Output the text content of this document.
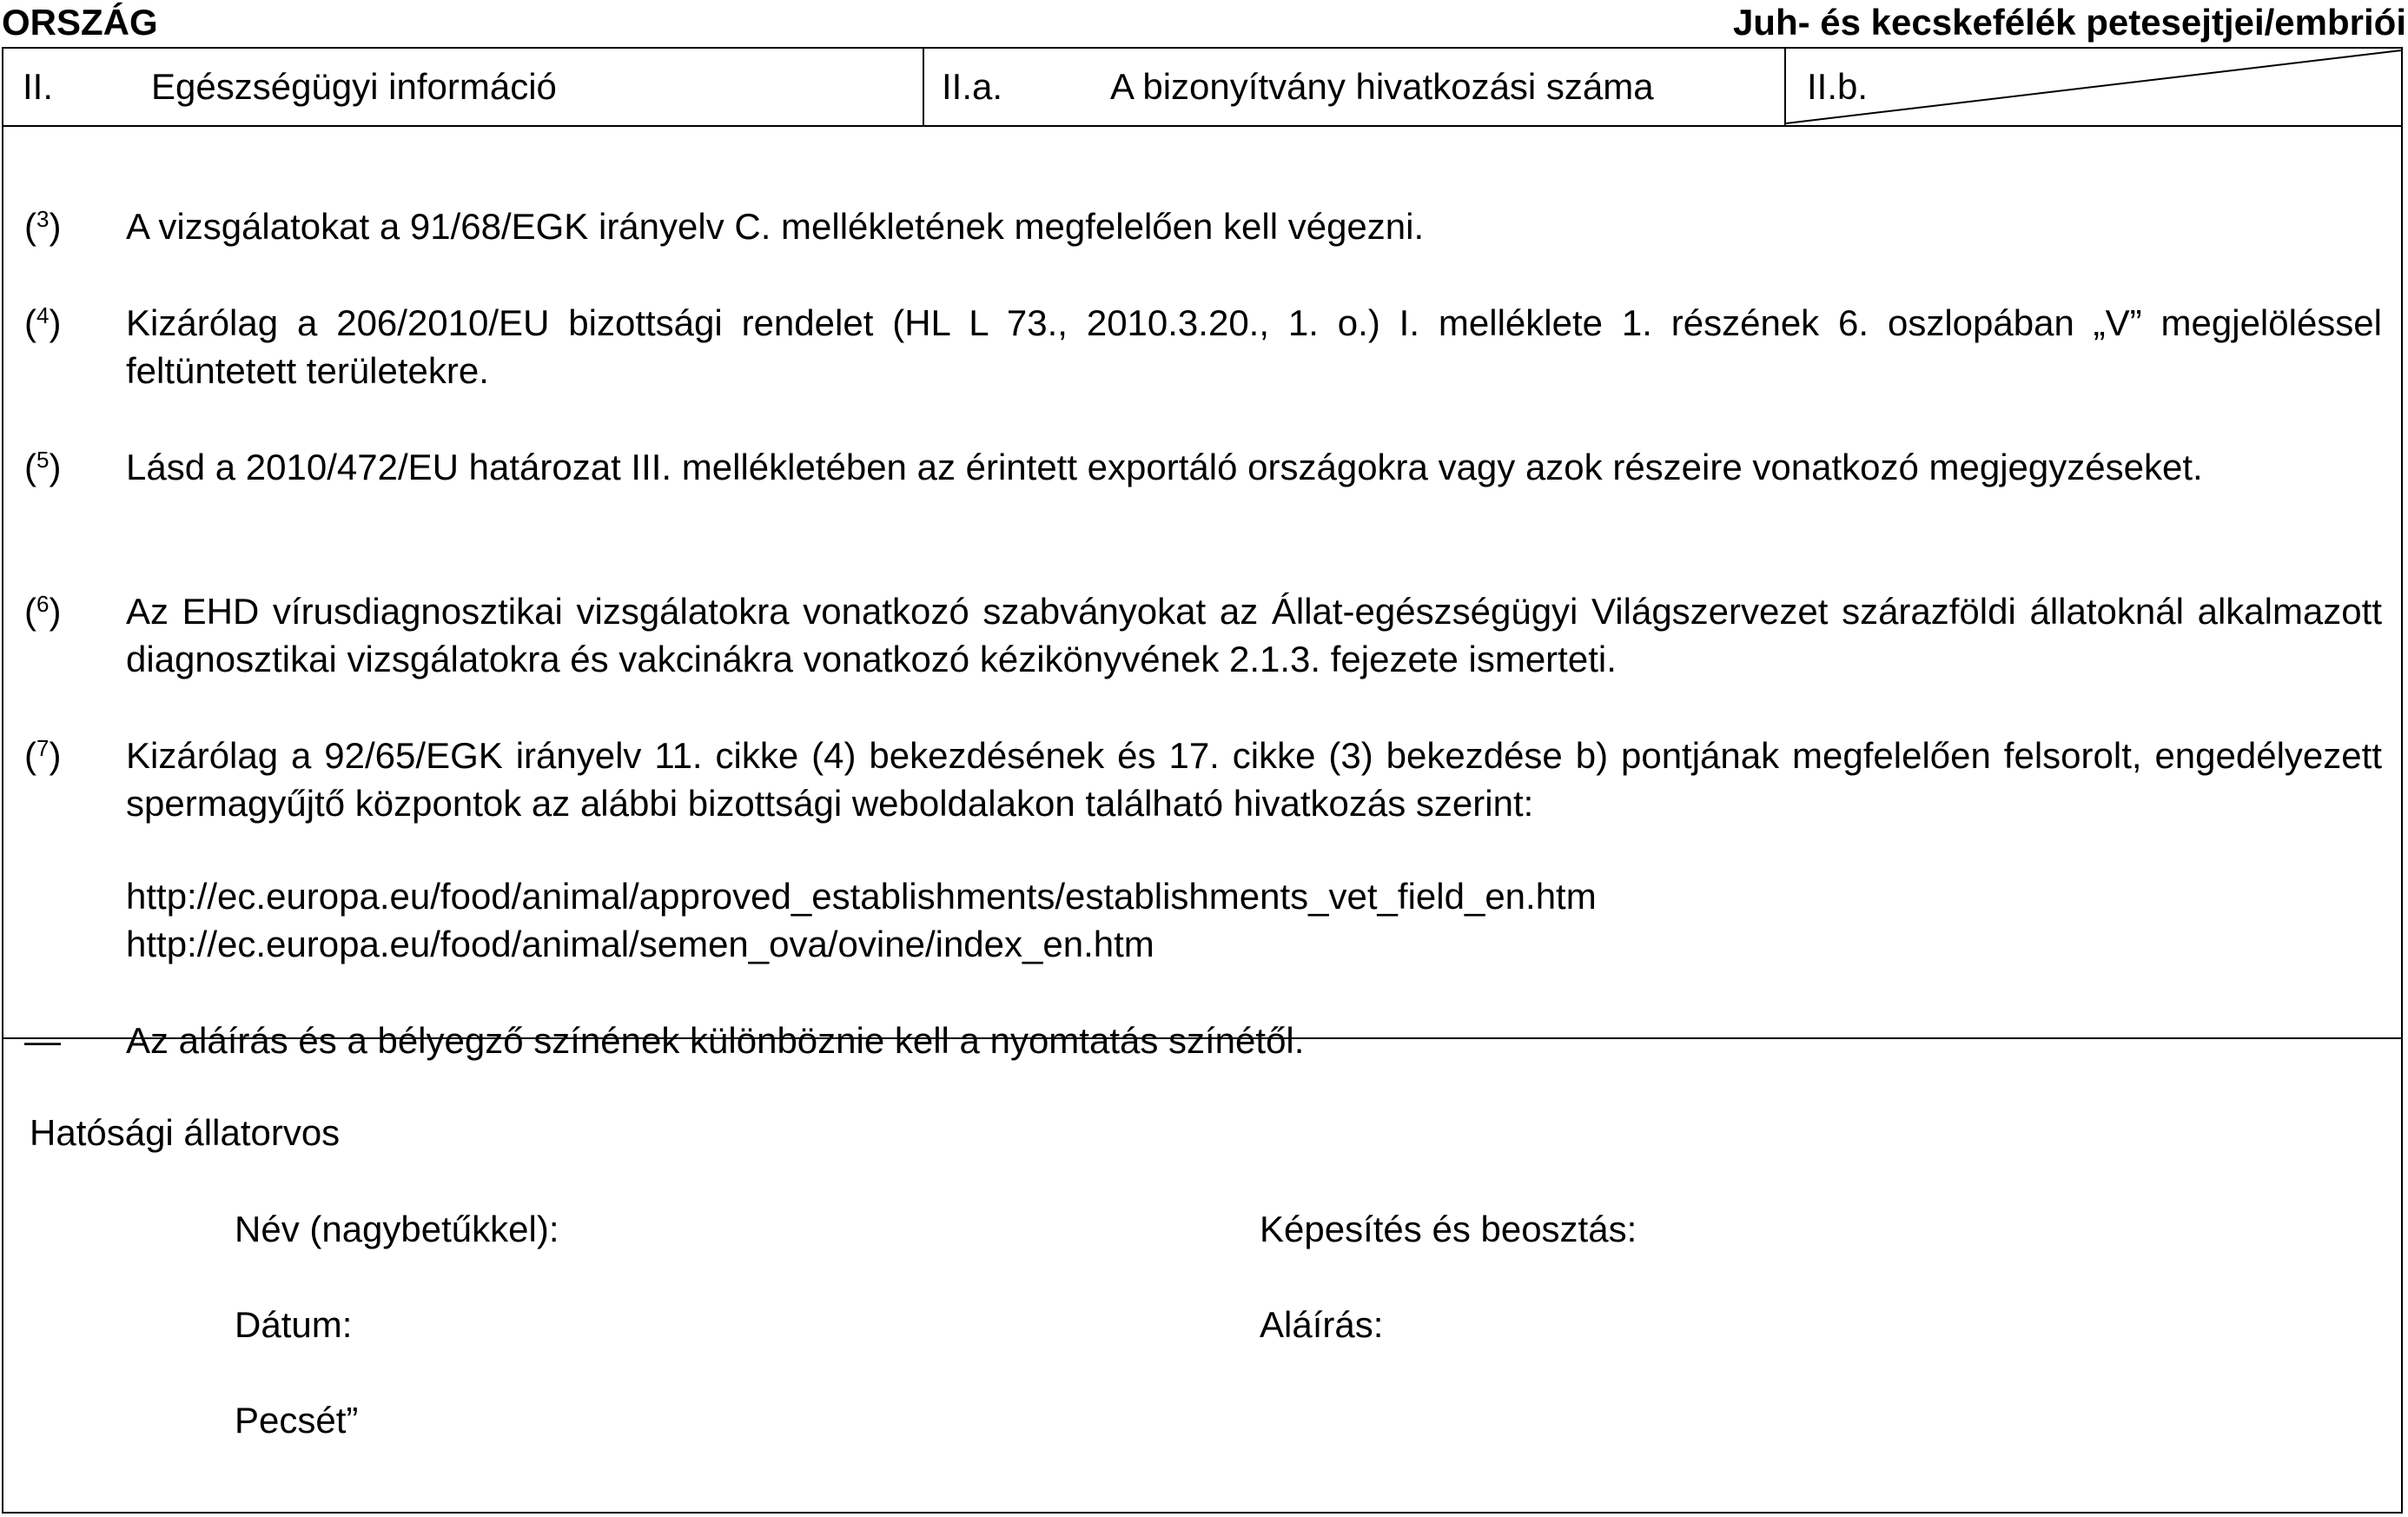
ORSZÁG	Juh- és kecskefélék petesejtjei/embriói
II.	Egészségügyi információ	II.a.	A bizonyítvány hivatkozási száma	II.b.
($^3$) A vizsgálatokat a 91/68/EGK irányelv C. mellékletének megfelelően kell végezni.
($^4$) Kizárólag a 206/2010/EU bizottsági rendelet (HL L 73., 2010.3.20., 1. o.) I. melléklete 1. részének 6. oszlopában „V” megjelöléssel feltüntetett területekre.
($^5$) Lásd a 2010/472/EU határozat III. mellékletében az érintett exportáló országokra vagy azok részeire vonatkozó megjegyzéseket.
($^6$) Az EHD vírusdiagnosztikai vizsgálatokra vonatkozó szabványokat az Állat-egészségügyi Világszervezet szárazföldi állatoknál alkalmazott diagnosztikai vizsgálatokra és vakcinákra vonatkozó kézikönyvének 2.1.3. fejezete ismerteti.
($^7$) Kizárólag a 92/65/EGK irányelv 11. cikke (4) bekezdésének és 17. cikke (3) bekezdése b) pontjának megfelelően felsorolt, engedélyezett spermagyűjtő központok az alábbi bizottsági weboldalakon található hivatkozás szerint:
http://ec.europa.eu/food/animal/approved_establishments/establishments_vet_field_en.htm
http://ec.europa.eu/food/animal/semen_ova/ovine/index_en.htm
— Az aláírás és a bélyegző színének különböznie kell a nyomtatás színétől.
Hatósági állatorvos
Név (nagybetűkkel):	Képesítés és beosztás:
Dátum:	Aláírás:
Pecsét”
